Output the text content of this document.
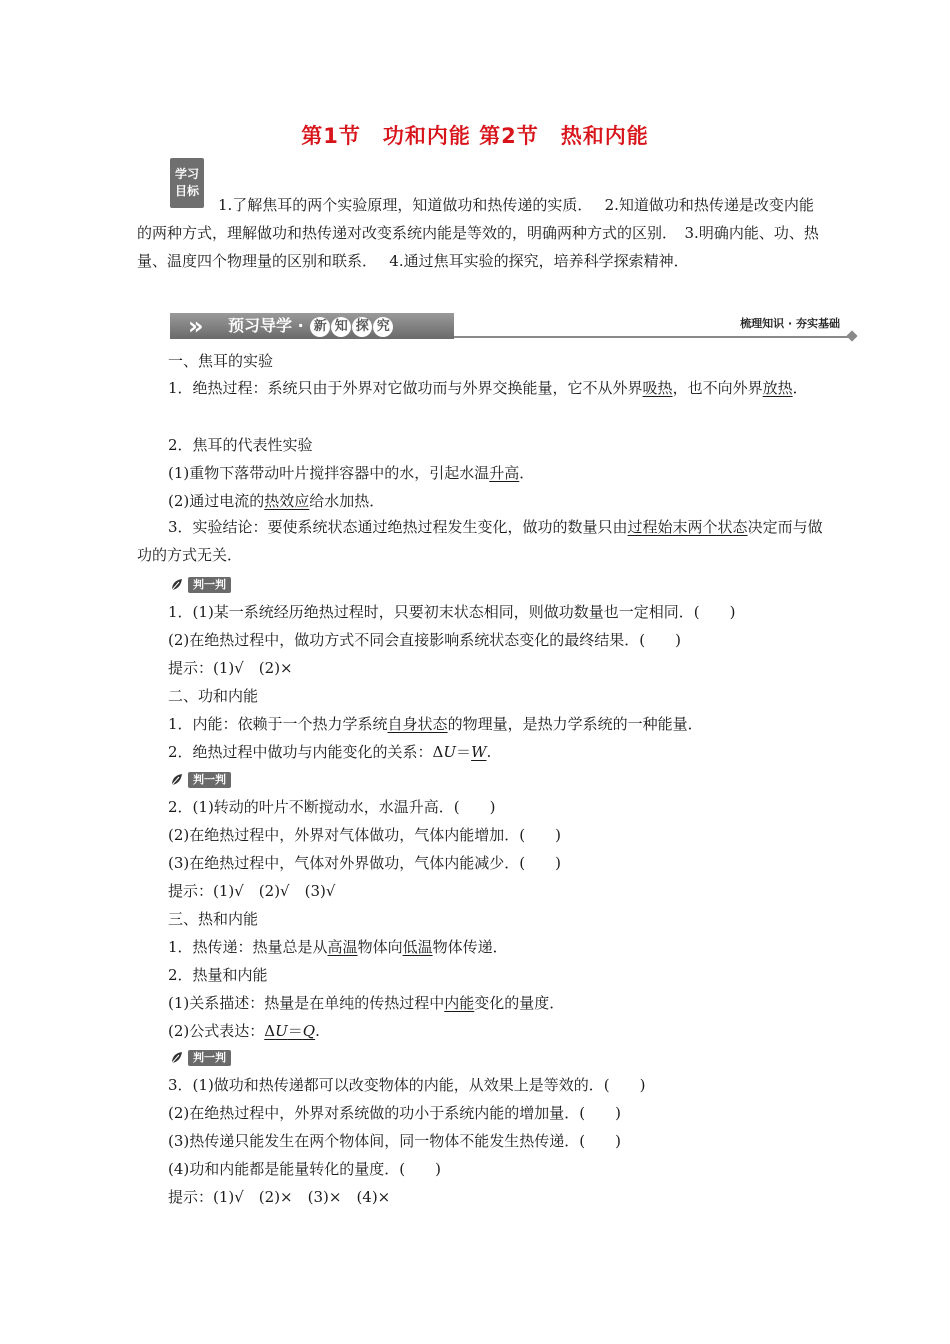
第1节　功和内能 第2节　热和内能
学习
目标
1.了解焦耳的两个实验原理，知道做功和热传递的实质．　 2.知道做功和热传递是改变内能的两种方式，理解做功和热传递对改变系统内能是等效的，明确两种方式的区别．　3.明确内能、功、热量、温度四个物理量的区别和联系．　 4.通过焦耳实验的探究，培养科学探索精神．
» 预习导学 · 新 知 探 究	梳理知识 · 夯实基础
一、焦耳的实验
1．绝热过程：系统只由于外界对它做功而与外界交换能量，它不从外界吸热，也不向外界放热．
2．焦耳的代表性实验
(1)重物下落带动叶片搅拌容器中的水，引起水温升高．
(2)通过电流的热效应给水加热．
3．实验结论：要使系统状态通过绝热过程发生变化，做功的数量只由过程始末两个状态决定而与做功的方式无关．
判一判
1．(1)某一系统经历绝热过程时，只要初末状态相同，则做功数量也一定相同．(　　)
(2)在绝热过程中，做功方式不同会直接影响系统状态变化的最终结果．(　　)
提示：(1)√　(2)×
二、功和内能
1．内能：依赖于一个热力学系统自身状态的物理量，是热力学系统的一种能量．
2．绝热过程中做功与内能变化的关系：ΔU＝W.
判一判
2．(1)转动的叶片不断搅动水，水温升高．(　　)
(2)在绝热过程中，外界对气体做功，气体内能增加．(　　)
(3)在绝热过程中，气体对外界做功，气体内能减少．(　　)
提示：(1)√　(2)√　(3)√
三、热和内能
1．热传递：热量总是从高温物体向低温物体传递．
2．热量和内能
(1)关系描述：热量是在单纯的传热过程中内能变化的量度．
(2)公式表达：ΔU＝Q.
判一判
3．(1)做功和热传递都可以改变物体的内能，从效果上是等效的．(　　)
(2)在绝热过程中，外界对系统做的功小于系统内能的增加量．(　　)
(3)热传递只能发生在两个物体间，同一物体不能发生热传递．(　　)
(4)功和内能都是能量转化的量度．(　　)
提示：(1)√　(2)×　(3)×　(4)×
